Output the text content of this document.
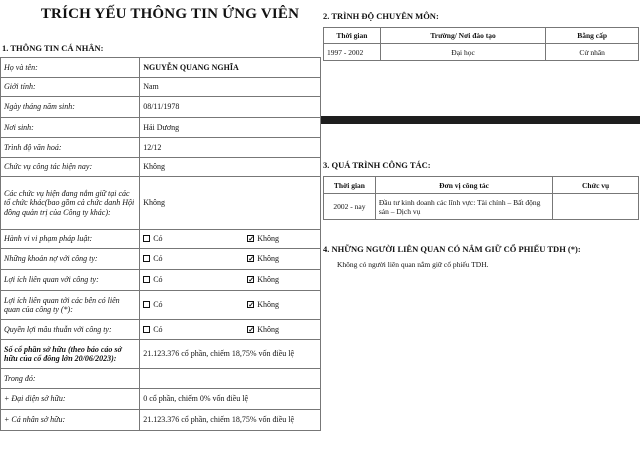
TRÍCH YẾU THÔNG TIN ỨNG VIÊN
1. THÔNG TIN CÁ NHÂN:
Họ và tên:	NGUYỄN QUANG NGHĨA
Giới tính:	Nam
Ngày tháng năm sinh:	08/11/1978
Nơi sinh:	Hải Dương
Trình độ văn hoá:	12/12
Chức vụ công tác hiện nay:	Không
Các chức vụ hiện đang nắm giữ tại các tổ chức khác(bao gồm cả chức danh Hội đồng quản trị của Công ty khác):	Không
Hành vi vi phạm pháp luật:	Có ✓ Không
Những khoản nợ với công ty:	Có ✓ Không
Lợi ích liên quan với công ty:	Có ✓ Không
Lợi ích liên quan tới các bên có liên quan của công ty (*):	Có ✓ Không
Quyền lợi mâu thuẫn với công ty:	Có ✓ Không
Số cổ phần sở hữu (theo báo cáo sở hữu của cổ đông lớn 20/06/2023):	21.123.376 cổ phần, chiếm 18,75% vốn điều lệ
Trong đó:	
+ Đại diện sở hữu:	0 cổ phần, chiếm 0% vốn điều lệ
+ Cá nhân sở hữu:	21.123.376 cổ phần, chiếm 18,75% vốn điều lệ
2. TRÌNH ĐỘ CHUYÊN MÔN:
Thời gian	Trường/ Nơi đào tạo	Bằng cấp
1997 - 2002	Đại học	Cử nhân
3. QUÁ TRÌNH CÔNG TÁC:
Thời gian	Đơn vị công tác	Chức vụ
2002 - nay	Đầu tư kinh doanh các lĩnh vực: Tài chính – Bất động sản – Dịch vụ	
4. NHỮNG NGƯỜI LIÊN QUAN CÓ NẮM GIỮ CỔ PHIẾU TDH (*):
Không có người liên quan nắm giữ cổ phiếu TDH.
